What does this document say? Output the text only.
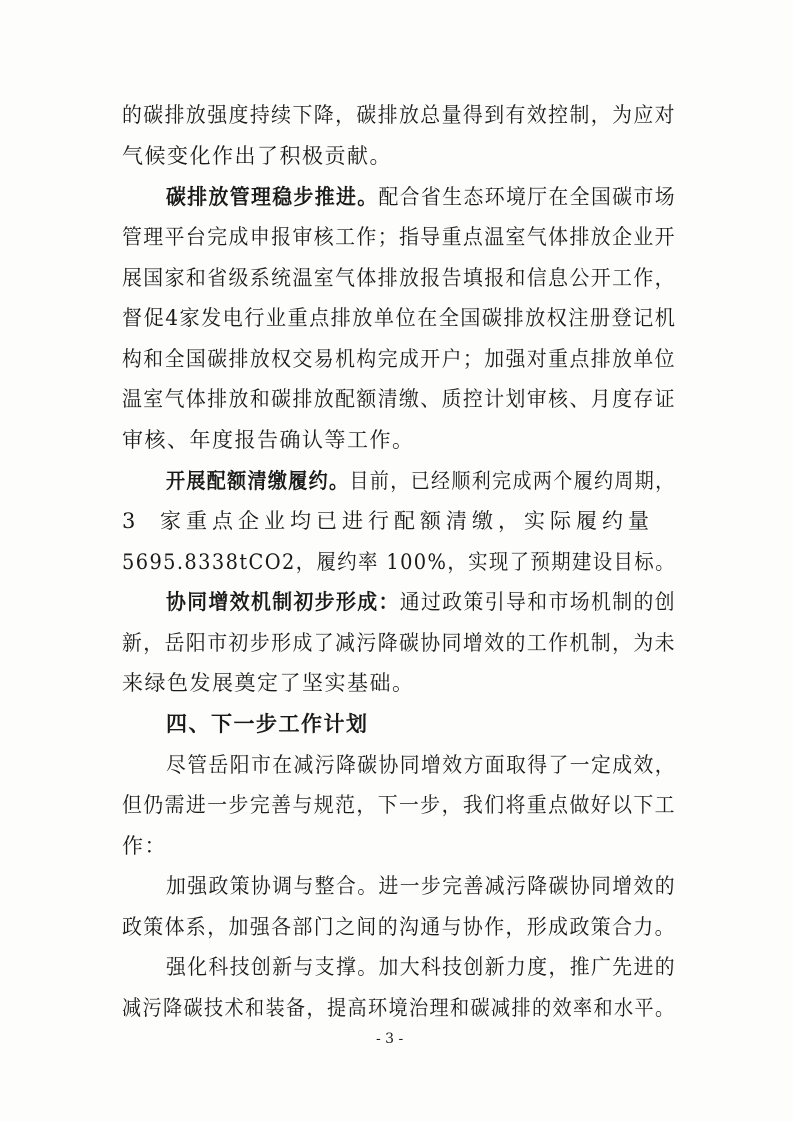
的碳排放强度持续下降，碳排放总量得到有效控制，为应对
气候变化作出了积极贡献。
碳排放管理稳步推进。配合省生态环境厅在全国碳市场
管理平台完成申报审核工作；指导重点温室气体排放企业开
展国家和省级系统温室气体排放报告填报和信息公开工作，
督促4家发电行业重点排放单位在全国碳排放权注册登记机
构和全国碳排放权交易机构完成开户；加强对重点排放单位
温室气体排放和碳排放配额清缴、质控计划审核、月度存证
审核、年度报告确认等工作。
开展配额清缴履约。目前，已经顺利完成两个履约周期，
3 家重点企业均已进行配额清缴，实际履约量
5695.8338tCO2，履约率 100%，实现了预期建设目标。
协同增效机制初步形成：通过政策引导和市场机制的创
新，岳阳市初步形成了减污降碳协同增效的工作机制，为未
来绿色发展奠定了坚实基础。
四、下一步工作计划
尽管岳阳市在减污降碳协同增效方面取得了一定成效，
但仍需进一步完善与规范，下一步，我们将重点做好以下工
作：
加强政策协调与整合。进一步完善减污降碳协同增效的
政策体系，加强各部门之间的沟通与协作，形成政策合力。
强化科技创新与支撑。加大科技创新力度，推广先进的
减污降碳技术和装备，提高环境治理和碳减排的效率和水平。
- 3 -
